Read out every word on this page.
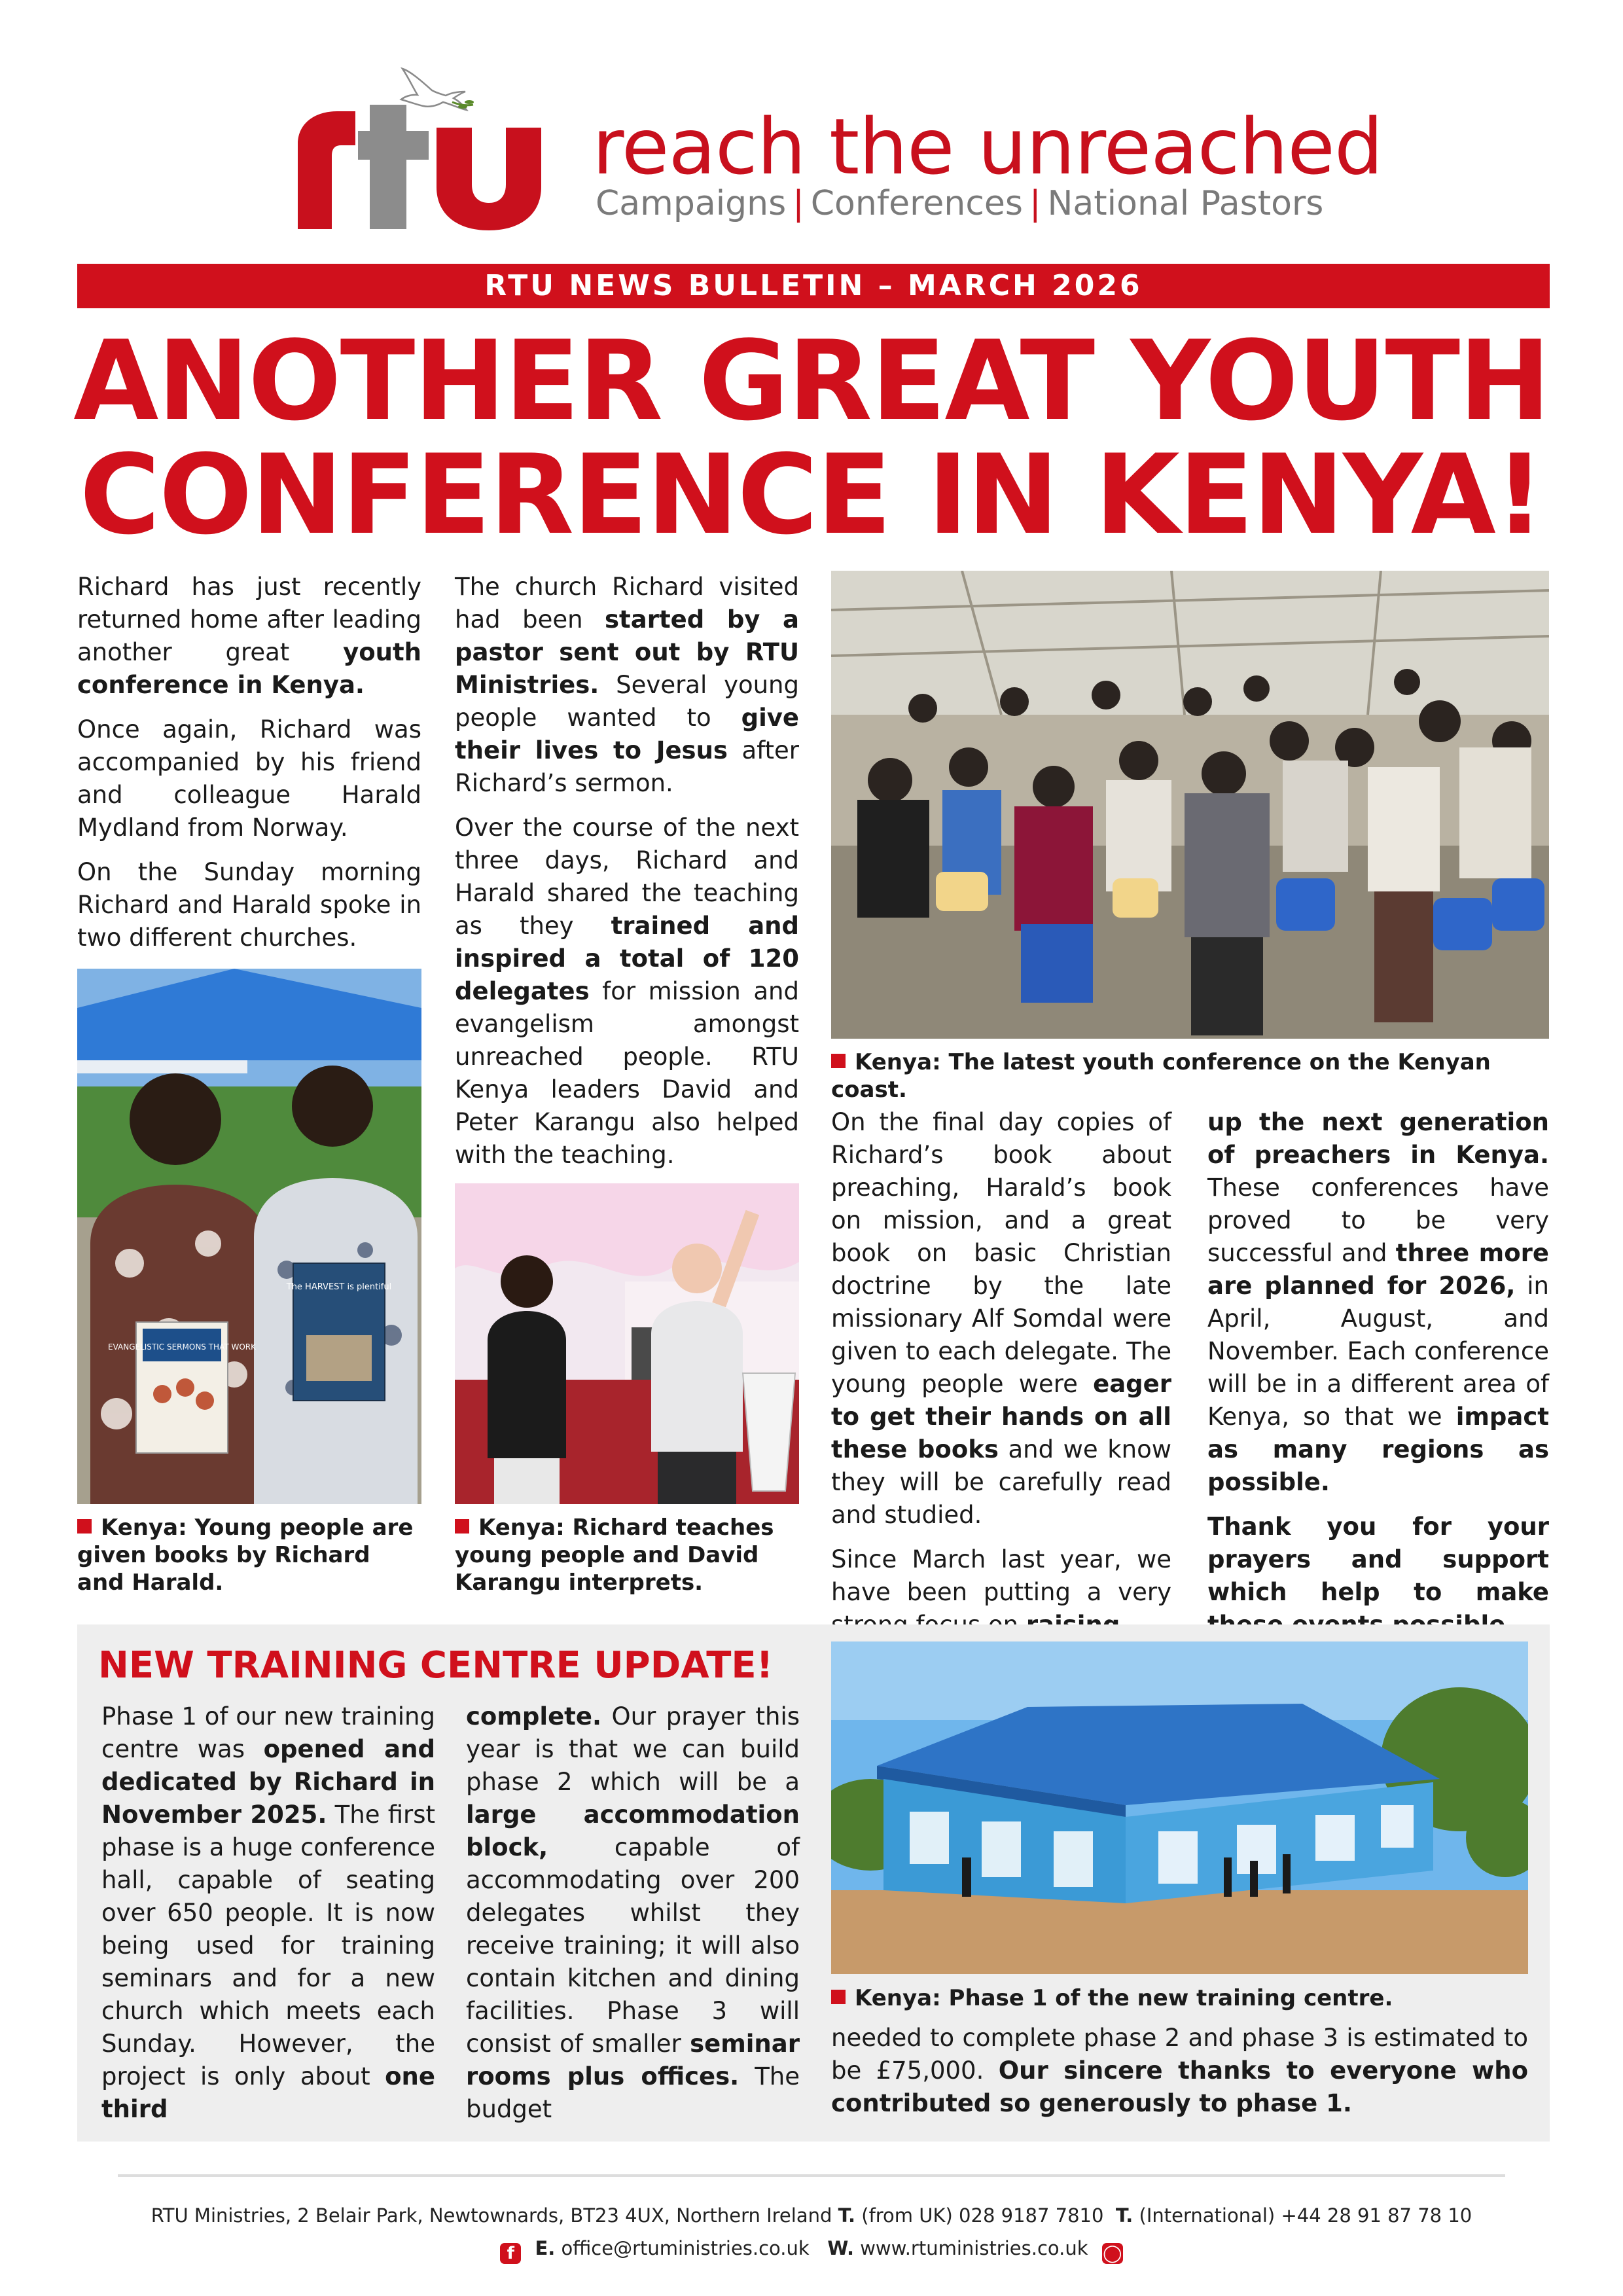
reach the unreached
Campaigns | Conferences | National Pastors
RTU NEWS BULLETIN – MARCH 2026
ANOTHER GREAT YOUTH
CONFERENCE IN KENYA!

Richard has just recently returned home after leading another great youth conference in Kenya.

Once again, Richard was accompanied by his friend and colleague Harald Mydland from Norway.

On the Sunday morning Richard and Harald spoke in two different churches.

The church Richard visited had been started by a pastor sent out by RTU Ministries. Several young people wanted to give their lives to Jesus after Richard’s sermon.

Over the course of the next three days, Richard and Harald shared the teaching as they trained and inspired a total of 120 delegates for mission and evangelism amongst unreached people. RTU Kenya leaders David and Peter Karangu also helped with the teaching.

On the final day copies of Richard’s book about preaching, Harald’s book on mission, and a great book on basic Christian doctrine by the late missionary Alf Somdal were given to each delegate. The young people were eager to get their hands on all these books and we know they will be carefully read and studied.

Since March last year, we have been putting a very

up the next generation of preachers in Kenya. These conferences have proved to be very successful and three more are planned for 2026, in April, August, and November. Each conference will be in a different area of Kenya, so that we impact as many regions as possible.

Thank you for your prayers and support which help to make

Kenya: The latest youth conference on the Kenyan coast.
EVANGELISTIC SERMONS THAT WORK
The HARVEST is plentiful
Kenya: Young people are given books by Richard and Harald.
Kenya: Richard teaches young people and David Karangu interprets.
NEW TRAINING CENTRE UPDATE!

Phase 1 of our new training centre was opened and dedicated by Richard in November 2025. The first phase is a huge conference hall, capable of seating over 650 people. It is now being used for training seminars and for a new church which meets each Sunday. However, the project is only about one third

complete. Our prayer this year is that we can build phase 2 which will be a large accommodation block, capable of accommodating over 200 delegates whilst they receive training; it will also contain kitchen and dining facilities. Phase 3 will consist of smaller seminar rooms plus offices. The budget

needed to complete phase 2 and phase 3 is estimated to be £75,000. Our sincere thanks to everyone who contributed so generously to phase 1.

Kenya: Phase 1 of the new training centre.
RTU Ministries, 2 Belair Park, Newtownards, BT23 4UX, Northern Ireland T. (from UK) 028 9187 7810 T. (International) +44 28 91 87 78 10
f E. office@rtuministries.co.uk W. www.rtuministries.co.uk ◯
